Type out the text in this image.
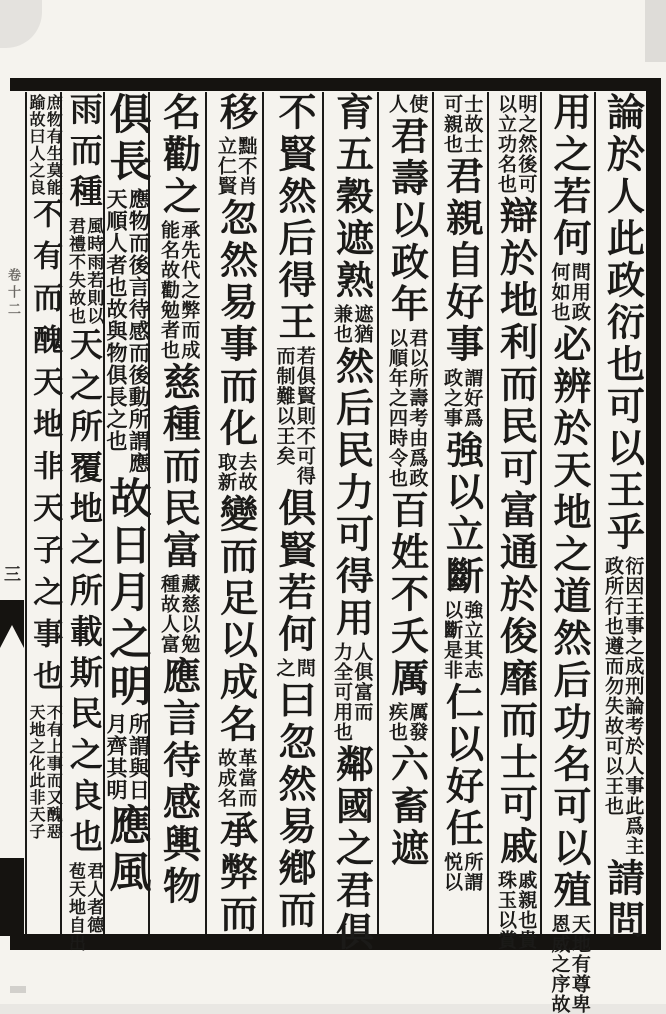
論於人此政衍也可以王乎
衍因王事之成刑論考於人事此爲主
政所行也遵而勿失故可以王也
請問
用之若何
問用政
何如也
必辨於天地之道然后功名可以殖
天地有尊卑
恩威之序故
明之然後可
以立功名也
辯於地利而民可富通於俊靡而士可戚
戚親也貴
珠玉以賞
士故士
可親也
君親自好事
謂好爲
政之事
強以立斷
強立其志
以斷是非
仁以好任
所謂
悦以
使
人
君壽以政年
君以所壽考由爲政
以順年之四時令也
百姓不夭厲
厲發
疾也
六畜遮
育五穀遮熟
遮猶
兼也
然后民力可得用
人俱富而
力全可用也
鄰國之君俱
不賢然后得王
若俱賢則不可得
而制難以王矣
俱賢若何
問
之
曰忽然易鄕而
移
黜不肖
立仁賢
忽然易事而化
去故
取新
變而足以成名
革當而
故成名
承弊而
名勸之
承先代之弊而成
能名故勸勉者也
慈種而民富
藏慈以勉
種故人富
應言待感輿物
俱長
應物而後言待感而後動所謂應
天順人者也故與物俱長之也
故日月之明
所謂與日
月齊其明
應風
雨而種
風時雨若則以
君禮不失故也
天之所覆地之所載斯民之良也
君人者德
苞天地自出
庶物有生莫能
踰故曰人之良
不有而醜天地非天子之事也
不有上事而又醜惡
天地之化此非天子
卷十二
三
